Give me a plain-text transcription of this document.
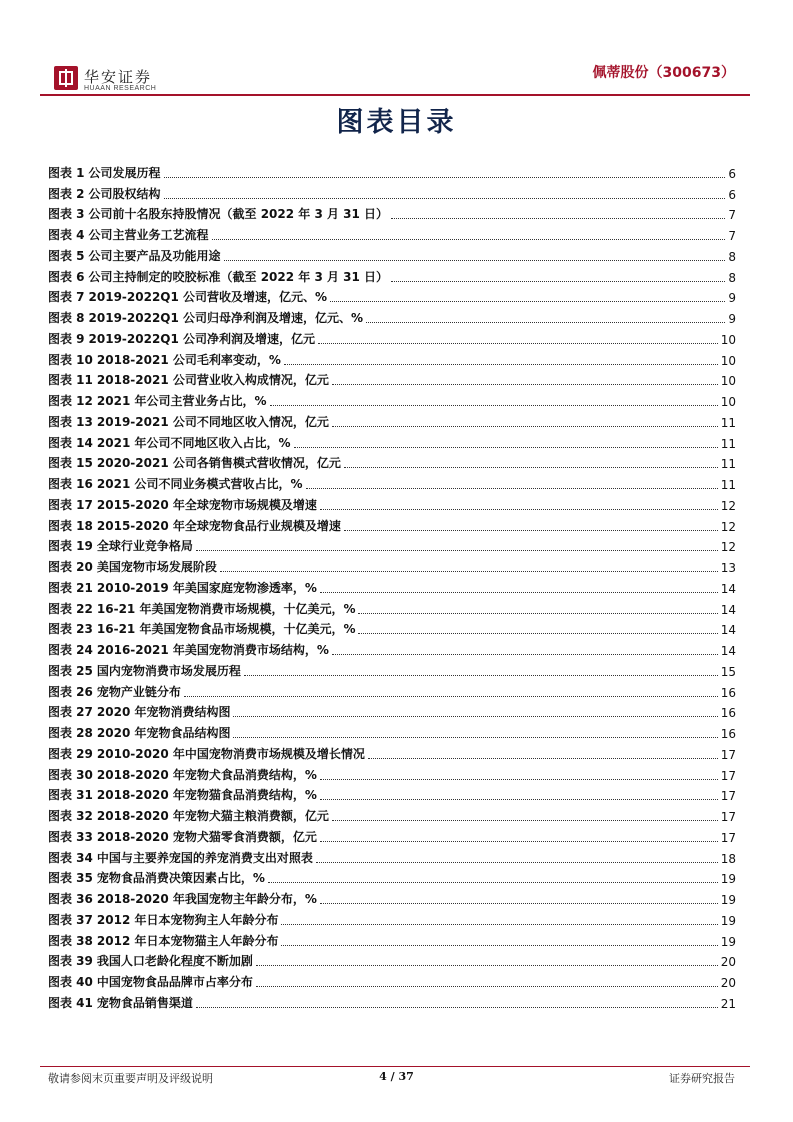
华安证券
HUAAN RESEARCH
佩蒂股份（300673）
图表目录
图表 1 公司发展历程	6
图表 2 公司股权结构	6
图表 3 公司前十名股东持股情况（截至 2022 年 3 月 31 日）	7
图表 4 公司主营业务工艺流程	7
图表 5 公司主要产品及功能用途	8
图表 6 公司主持制定的咬胶标准（截至 2022 年 3 月 31 日）	8
图表 7 2019-2022Q1 公司营收及增速，亿元、%	9
图表 8 2019-2022Q1 公司归母净利润及增速，亿元、%	9
图表 9 2019-2022Q1 公司净利润及增速，亿元	10
图表 10 2018-2021 公司毛利率变动，%	10
图表 11 2018-2021 公司营业收入构成情况，亿元	10
图表 12 2021 年公司主营业务占比，%	10
图表 13 2019-2021 公司不同地区收入情况，亿元	11
图表 14 2021 年公司不同地区收入占比，%	11
图表 15 2020-2021 公司各销售模式营收情况，亿元	11
图表 16 2021 公司不同业务模式营收占比，%	11
图表 17 2015-2020 年全球宠物市场规模及增速	12
图表 18 2015-2020 年全球宠物食品行业规模及增速	12
图表 19 全球行业竞争格局	12
图表 20 美国宠物市场发展阶段	13
图表 21 2010-2019 年美国家庭宠物渗透率，%	14
图表 22 16-21 年美国宠物消费市场规模，十亿美元，%	14
图表 23 16-21 年美国宠物食品市场规模，十亿美元，%	14
图表 24 2016-2021 年美国宠物消费市场结构，%	14
图表 25 国内宠物消费市场发展历程	15
图表 26 宠物产业链分布	16
图表 27 2020 年宠物消费结构图	16
图表 28 2020 年宠物食品结构图	16
图表 29 2010-2020 年中国宠物消费市场规模及增长情况	17
图表 30 2018-2020 年宠物犬食品消费结构，%	17
图表 31 2018-2020 年宠物猫食品消费结构，%	17
图表 32 2018-2020 年宠物犬猫主粮消费额，亿元	17
图表 33 2018-2020 宠物犬猫零食消费额，亿元	17
图表 34 中国与主要养宠国的养宠消费支出对照表	18
图表 35 宠物食品消费决策因素占比，%	19
图表 36 2018-2020 年我国宠物主年龄分布，%	19
图表 37 2012 年日本宠物狗主人年龄分布	19
图表 38 2012 年日本宠物猫主人年龄分布	19
图表 39 我国人口老龄化程度不断加剧	20
图表 40 中国宠物食品品牌市占率分布	20
图表 41 宠物食品销售渠道	21
敬请参阅末页重要声明及评级说明	4 / 37	证券研究报告
